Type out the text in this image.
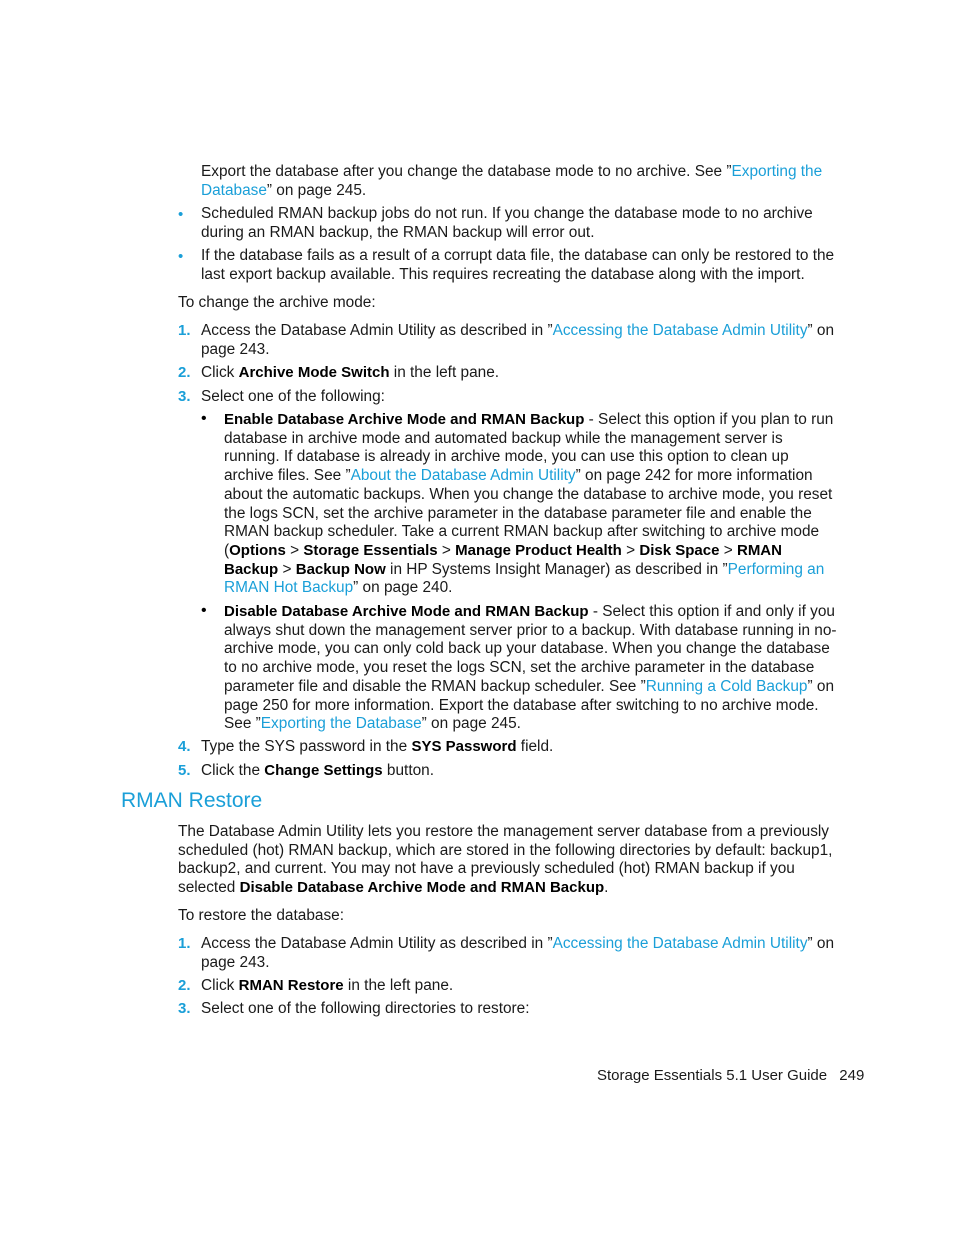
Export the database after you change the database mode to no archive. See ”Exporting the Database” on page 245.

• Scheduled RMAN backup jobs do not run. If you change the database mode to no archive during an RMAN backup, the RMAN backup will error out.

• If the database fails as a result of a corrupt data file, the database can only be restored to the last export backup available. This requires recreating the database along with the import.

To change the archive mode:

1. Access the Database Admin Utility as described in ”Accessing the Database Admin Utility” on page 243.

2. Click Archive Mode Switch in the left pane.

3. Select one of the following:

• Enable Database Archive Mode and RMAN Backup - Select this option if you plan to run database in archive mode and automated backup while the management server is running. If database is already in archive mode, you can use this option to clean up archive files. See ”About the Database Admin Utility” on page 242 for more information about the automatic backups. When you change the database to archive mode, you reset the logs SCN, set the archive parameter in the database parameter file and enable the RMAN backup scheduler. Take a current RMAN backup after switching to archive mode (Options > Storage Essentials > Manage Product Health > Disk Space > RMAN Backup > Backup Now in HP Systems Insight Manager) as described in ”Performing an RMAN Hot Backup” on page 240.

• Disable Database Archive Mode and RMAN Backup - Select this option if and only if you always shut down the management server prior to a backup. With database running in no-archive mode, you can only cold back up your database. When you change the database to no archive mode, you reset the logs SCN, set the archive parameter in the database parameter file and disable the RMAN backup scheduler. See ”Running a Cold Backup” on page 250 for more information. Export the database after switching to no archive mode. See ”Exporting the Database” on page 245.

4. Type the SYS password in the SYS Password field.

5. Click the Change Settings button.

RMAN Restore

The Database Admin Utility lets you restore the management server database from a previously scheduled (hot) RMAN backup, which are stored in the following directories by default: backup1, backup2, and current. You may not have a previously scheduled (hot) RMAN backup if you selected Disable Database Archive Mode and RMAN Backup.

To restore the database:

1. Access the Database Admin Utility as described in ”Accessing the Database Admin Utility” on page 243.

2. Click RMAN Restore in the left pane.

3. Select one of the following directories to restore:

Storage Essentials 5.1 User Guide 249
